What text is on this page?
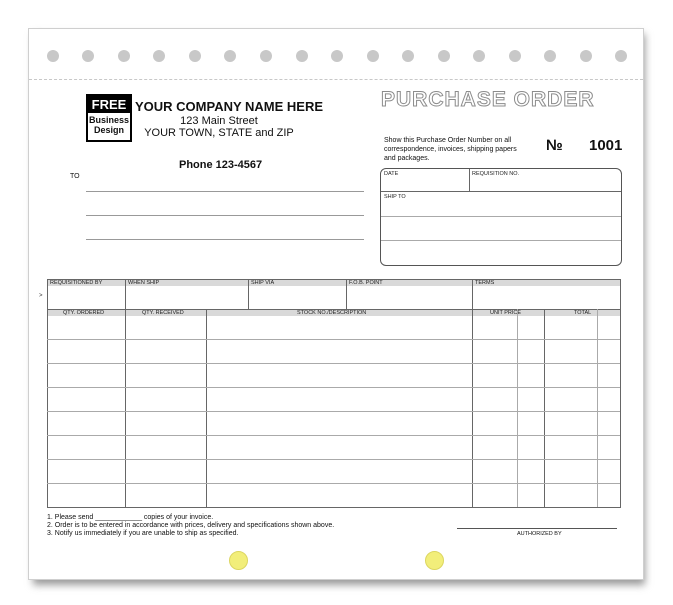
FREE
Business
Design
YOUR COMPANY NAME HERE
123 Main Street
YOUR TOWN, STATE and ZIP
Phone 123-4567
PURCHASE ORDER
Show this Purchase Order Number on all correspondence, invoices, shipping papers and packages.
№ 1001
TO	DATE	REQUISITION NO.
SHIP TO
>
REQUISITIONED BY	WHEN SHIP	SHIP VIA	F.O.B. POINT	TERMS
QTY. ORDERED	QTY. RECEIVED	STOCK NO./DESCRIPTION	UNIT PRICE	TOTAL
1. Please send ____________ copies of your invoice.
2. Order is to be entered in accordance with prices, delivery and specifications shown above.
3. Notify us immediately if you are unable to ship as specified.	AUTHORIZED BY
